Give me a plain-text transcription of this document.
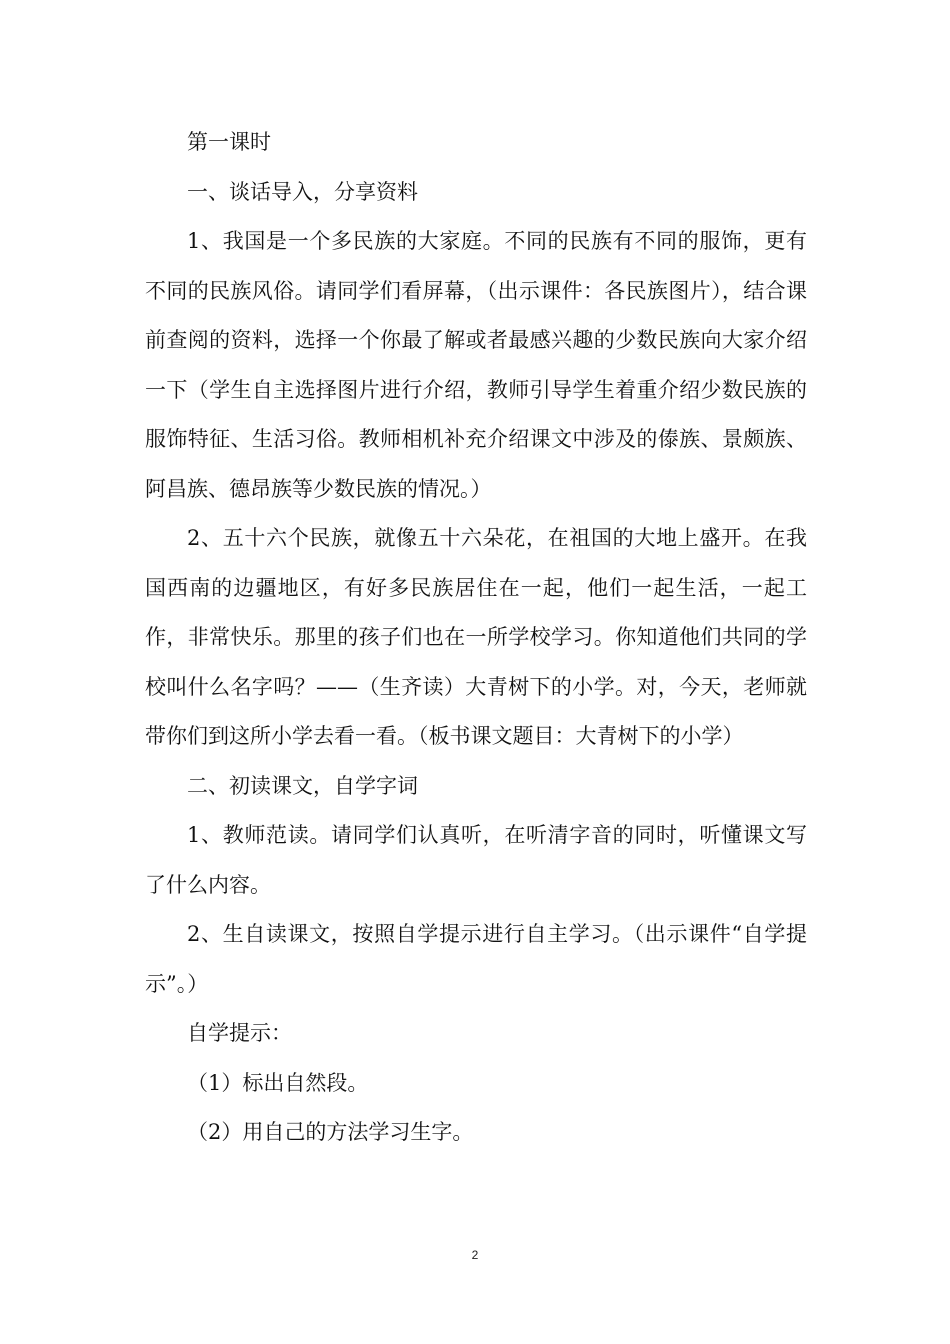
第一课时

一、谈话导入，分享资料

1、我国是一个多民族的大家庭。不同的民族有不同的服饰，更有不同的民族风俗。请同学们看屏幕，（出示课件：各民族图片），结合课前查阅的资料，选择一个你最了解或者最感兴趣的少数民族向大家介绍一下（学生自主选择图片进行介绍，教师引导学生着重介绍少数民族的服饰特征、生活习俗。教师相机补充介绍课文中涉及的傣族、景颇族、阿昌族、德昂族等少数民族的情况。）

2、五十六个民族，就像五十六朵花，在祖国的大地上盛开。在我国西南的边疆地区，有好多民族居住在一起，他们一起生活，一起工作，非常快乐。那里的孩子们也在一所学校学习。你知道他们共同的学校叫什么名字吗？——（生齐读）大青树下的小学。对，今天，老师就带你们到这所小学去看一看。（板书课文题目：大青树下的小学）

二、初读课文，自学字词

1、教师范读。请同学们认真听，在听清字音的同时，听懂课文写了什么内容。

2、生自读课文，按照自学提示进行自主学习。（出示课件“自学提示”。）

自学提示：

（1）标出自然段。

（2）用自己的方法学习生字。

2
